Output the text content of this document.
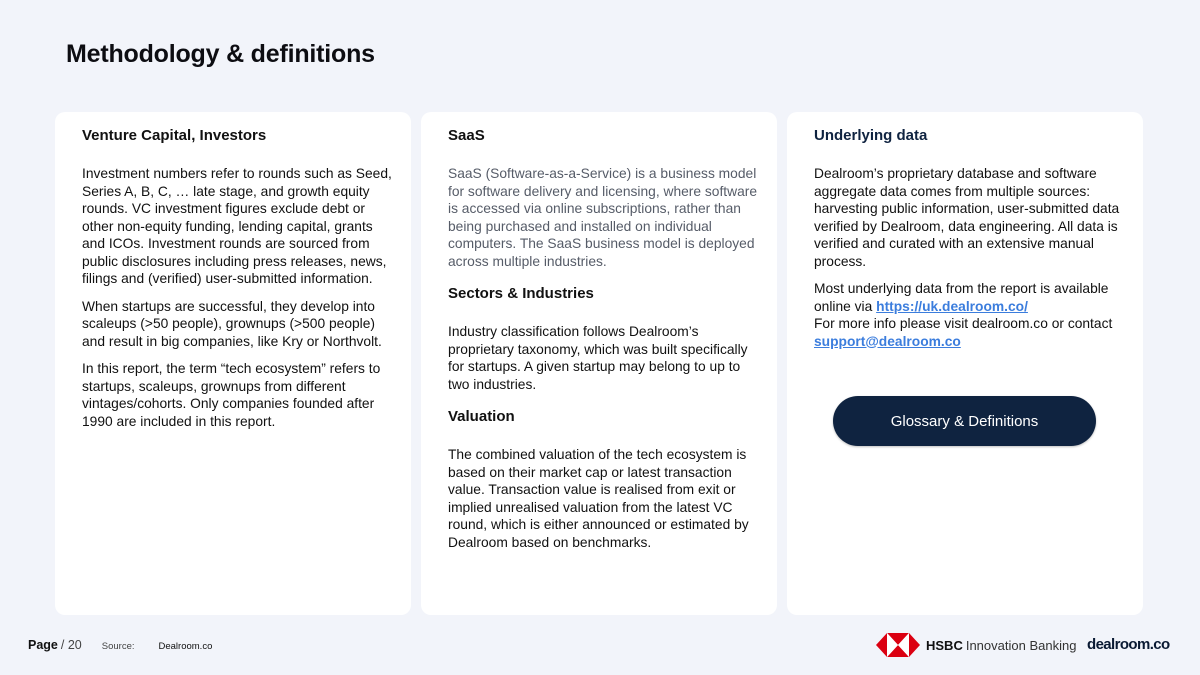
Methodology & definitions
Venture Capital, Investors

Investment numbers refer to rounds such as Seed, Series A, B, C, … late stage, and growth equity rounds. VC investment figures exclude debt or other non-equity funding, lending capital, grants and ICOs. Investment rounds are sourced from public disclosures including press releases, news, filings and (verified) user-submitted information.

When startups are successful, they develop into scaleups (>50 people), grownups (>500 people) and result in big companies, like Kry or Northvolt.

In this report, the term “tech ecosystem” refers to startups, scaleups, grownups from different vintages/cohorts. Only companies founded after 1990 are included in this report.

SaaS

SaaS (Software-as-a-Service) is a business model for software delivery and licensing, where software is accessed via online subscriptions, rather than being purchased and installed on individual computers. The SaaS business model is deployed across multiple industries.

Sectors & Industries

Industry classification follows Dealroom’s proprietary taxonomy, which was built specifically for startups. A given startup may belong to up to two industries.

Valuation

The combined valuation of the tech ecosystem is based on their market cap or latest transaction value. Transaction value is realised from exit or implied unrealised valuation from the latest VC round, which is either announced or estimated by Dealroom based on benchmarks.

Underlying data

Dealroom’s proprietary database and software aggregate data comes from multiple sources: harvesting public information, user-submitted data verified by Dealroom, data engineering. All data is verified and curated with an extensive manual process.

Most underlying data from the report is available online via https://uk.dealroom.co/
For more info please visit dealroom.co or contact support@dealroom.co

Glossary & Definitions
Page / 20 Source:	Dealroom.co	HSBC Innovation Banking dealroom.co
